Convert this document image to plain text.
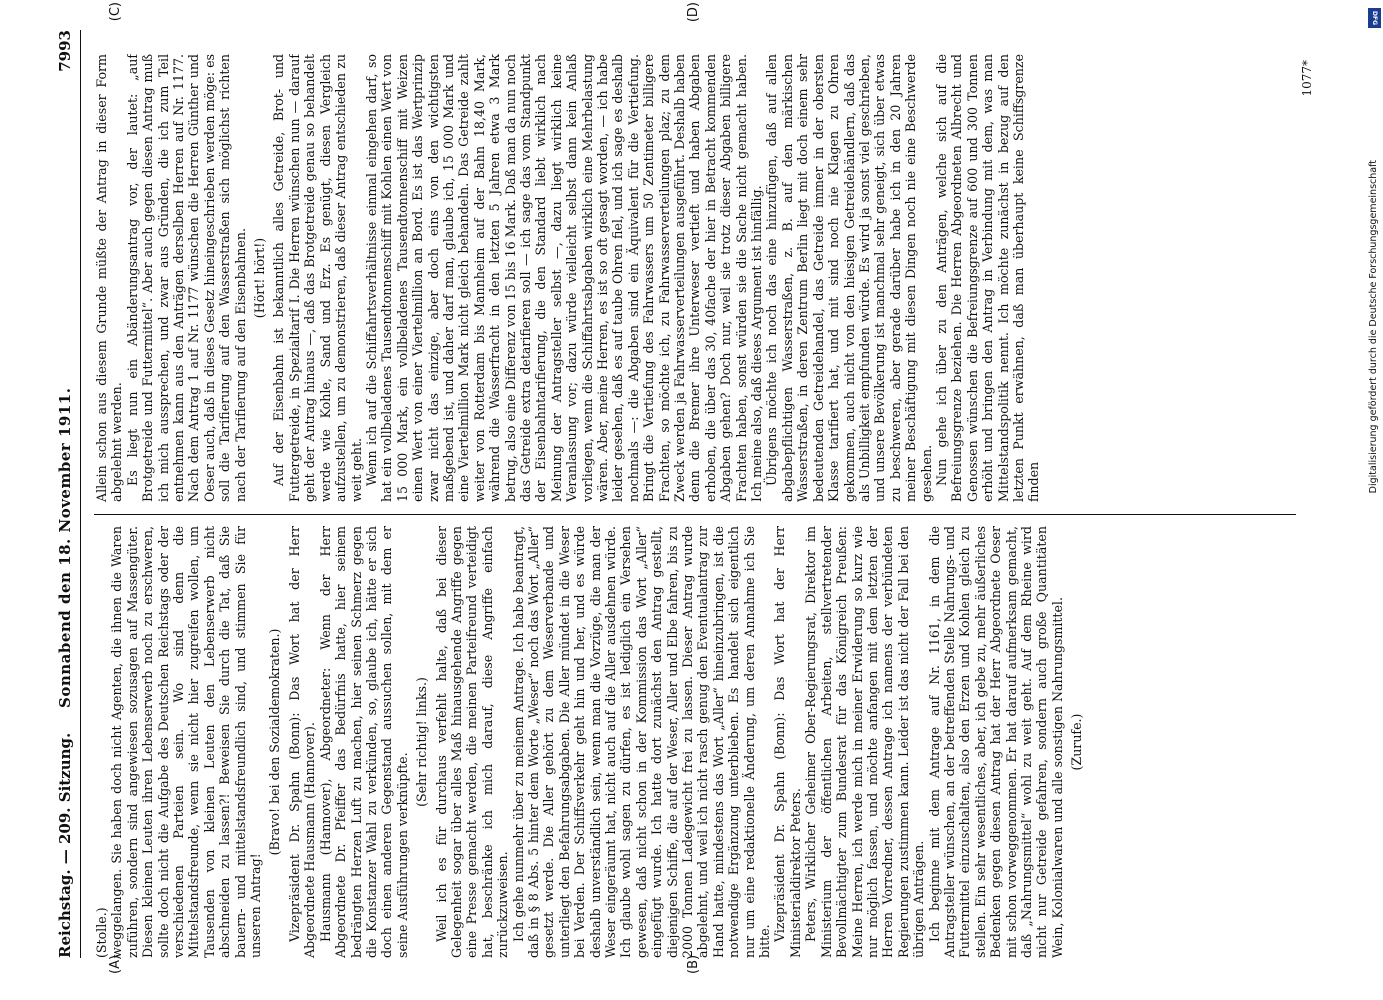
Reichstag. — 209. Sitzung.
Sonnabend den 18. November 1911.
7993
(A)	(B)
(C)	(D)

(Stolle.) weggelangen. Sie haben doch nicht Agenten, die ihnen die Waren zuführen, sondern sind angewiesen sozusagen auf Massengüter. Diesen kleinen Leuten ihren Lebenserwerb noch zu erschweren, sollte doch nicht die Aufgabe des Deutschen Reichstags oder der verschiedenen Parteien sein. Wo sind denn die Mittelstandsfreunde, wenn sie nicht hier zugreifen wollen, um Tausenden von kleinen Leuten den Lebenserwerb nicht abschneiden zu lassen?! Beweisen Sie durch die Tat, daß Sie bauern- und mittelstandsfreundlich sind, und stimmen Sie für unseren Antrag!

(Bravo! bei den Sozialdemokraten.) Vizepräsident Dr. Spahn (Bonn): Das Wort hat der Herr Abgeordnete Hausmann (Hannover). Hausmann (Hannover), Abgeordneter: Wenn der Herr Abgeordnete Dr. Pfeiffer das Bedürfnis hatte, hier seinem bedrängten Herzen Luft zu machen, hier seinen Schmerz gegen die Konstanzer Wahl zu verkünden, so, glaube ich, hätte er sich doch einen anderen Gegenstand aussuchen sollen, mit dem er seine Ausführungen verknüpfte.

(Sehr richtig! links.) Weil ich es für durchaus verfehlt halte, daß bei dieser Gelegenheit sogar über alles Maß hinausgehende Angriffe gegen eine Presse gemacht werden, die meinen Parteifreund verteidigt hat, beschränke ich mich darauf, diese Angriffe einfach zurückzuweisen. Ich gehe nunmehr über zu meinem Antrage. Ich habe beantragt, daß in § 8 Abs. 5 hinter dem Worte „Weser“ noch das Wort „Aller“ gesetzt werde. Die Aller gehört zu dem Weserverbande und unterliegt den Befahrungsabgaben. Die Aller mündet in die Weser bei Verden. Der Schiffsverkehr geht hin und her, und es würde deshalb unverständlich sein, wenn man die Vorzüge, die man der Weser eingeräumt hat, nicht auch auf die Aller ausdehnen würde. Ich glaube wohl sagen zu dürfen, es ist lediglich ein Versehen gewesen, daß nicht schon in der Kommission das Wort „Aller“ eingefügt wurde. Ich hatte dort zunächst den Antrag gestellt, diejenigen Schiffe, die auf der Weser, Aller und Elbe fahren, bis zu 2000 Tonnen Ladegewicht frei zu lassen. Dieser Antrag wurde abgelehnt, und weil ich nicht rasch genug den Eventualantrag zur Hand hatte, mindestens das Wort „Aller“ hineinzubringen, ist die notwendige Ergänzung unterblieben. Es handelt sich eigentlich nur um eine redaktionelle Änderung, um deren Annahme ich Sie bitte. Vizepräsident Dr. Spahn (Bonn): Das Wort hat der Herr Ministerialdirektor Peters. Peters, Wirklicher Geheimer Ober-Regierungsrat, Direktor im Ministerium der öffentlichen Arbeiten, stellvertretender Bevollmächtigter zum Bundesrat für das Königreich Preußen: Meine Herren, ich werde mich in meiner Erwiderung so kurz wie nur möglich fassen, und möchte anfangen mit dem letzten der Herren Vorredner, dessen Antrage ich namens der verbündeten Regierungen zustimmen kann. Leider ist das nicht der Fall bei den übrigen Anträgen. Ich beginne mit dem Antrage auf Nr. 1161, in dem die Antragsteller wünschen, an der betreffenden Stelle Nahrungs- und Futtermittel einzuschalten, also den Erzen und Kohlen gleich zu stellen. Ein sehr wesentliches, aber, ich gebe zu, mehr äußerliches Bedenken gegen diesen Antrag hat der Herr Abgeordnete Oeser mit schon vorweggenommen. Er hat darauf aufmerksam gemacht, daß „Nahrungsmittel“ wohl zu weit geht. Auf dem Rheine wird nicht nur Getreide gefahren, sondern auch große Quantitäten Wein, Kolonialwaren und alle sonstigen Nahrungsmittel. (Zurufe.)

Allein schon aus diesem Grunde müßte der Antrag in dieser Form abgelehnt werden. Es liegt nun ein Abänderungsantrag vor, der lautet: „auf Brotgetreide und Futtermittel“. Aber auch gegen diesen Antrag muß ich mich aussprechen, und zwar aus Gründen, die ich zum Teil entnehmen kann aus den Anträgen derselben Herren auf Nr. 1177. Nach dem Antrag 1 auf Nr. 1177 wünschen die Herren Günther und Oeser auch, daß in dieses Gesetz hineingeschrieben werden möge: es soll die Tarifierung auf den Wasserstraßen sich möglichst richten nach der Tarifierung auf den Eisenbahnen. (Hört! hört!) Auf der Eisenbahn ist bekanntlich alles Getreide, Brot- und Futtergetreide, in Spezialtarif I. Die Herren wünschen nun — darauf geht der Antrag hinaus —, daß das Brotgetreide genau so behandelt werde wie Kohle, Sand und Erz. Es genügt, diesen Vergleich aufzustellen, um zu demonstrieren, daß dieser Antrag entschieden zu weit geht. Wenn ich auf die Schiffahrtsverhältnisse einmal eingehen darf, so hat ein vollbeladenes Tausendtonnenschiff mit Kohlen einen Wert von 15 000 Mark, ein vollbeladenes Tausendtonnenschiff mit Weizen einen Wert von einer Viertelmillion an Bord. Es ist das Wertprinzip zwar nicht das einzige, aber doch eins von den wichtigsten maßgebend ist, und daher darf man, glaube ich, 15 000 Mark und eine Viertelmillion Mark nicht gleich behandeln. Das Getreide zahlt weiter von Rotterdam bis Mannheim auf der Bahn 18,40 Mark, während die Wasserfracht in den letzten 5 Jahren etwa 3 Mark betrug, also eine Differenz von 15 bis 16 Mark. Daß man da nun noch das Getreide extra detarifieren soll — ich sage das vom Standpunkt der Eisenbahntarifierung, die den Standard liebt wirklich nach Meinung der Antragsteller selbst —, dazu liegt wirklich keine Veranlassung vor; dazu würde vielleicht selbst dann kein Anlaß vorliegen, wenn die Schiffahrtsabgaben wirklich eine Mehrbelastung wären. Aber, meine Herren, es ist so oft gesagt worden, — ich habe leider gesehen, daß es auf taube Ohren fiel, und ich sage es deshalb nochmals —: die Abgaben sind ein Äquivalent für die Vertiefung. Bringt die Vertiefung des Fahrwassers um 50 Zentimeter billigere Frachten, so möchte ich, zu Fahrwasserverteilungen plaz; zu dem Zweck werden ja Fahrwasserverteilungen ausgeführt. Deshalb haben denn die Bremer ihre Unterweser vertieft und haben Abgaben erhoben, die über das 30, 40fache der hier in Betracht kommenden Abgaben gehen? Doch nur, weil sie trotz dieser Abgaben billigere Frachten haben, sonst würden sie die Sache nicht gemacht haben. Ich meine also, daß dieses Argument ist hinfällig. Übrigens möchte ich noch das eine hinzufügen, daß auf allen abgabepflichtigen Wasserstraßen, z. B. auf den märkischen Wasserstraßen, in deren Zentrum Berlin liegt mit doch einem sehr bedeutenden Getreidehandel, das Getreide immer in der obersten Klasse tarifiert hat, und mit sind noch nie Klagen zu Ohren gekommen, auch nicht von den hiesigen Getreidehändlern, daß das als Unbilligkeit empfunden würde. Es wird ja sonst viel geschrieben, und unsere Bevölkerung ist manchmal sehr geneigt, sich über etwas zu beschweren, aber gerade darüber habe ich in den 20 Jahren meiner Beschäftigung mit diesen Dingen noch nie eine Beschwerde gesehen. Nun gehe ich über zu den Anträgen, welche sich auf die Befreiungsgrenze beziehen. Die Herren Abgeordneten Albrecht und Genossen wünschen die Befreiungsgrenze auf 600 und 300 Tonnen erhöht und bringen den Antrag in Verbindung mit dem, was man Mittelstandspolitik nennt. Ich möchte zunächst in bezug auf den letzten Punkt erwähnen, daß man überhaupt keine Schiffsgrenze finden

1077*
Digitalisierung gefördert durch die Deutsche Forschungsgemeinschaft
DFG
